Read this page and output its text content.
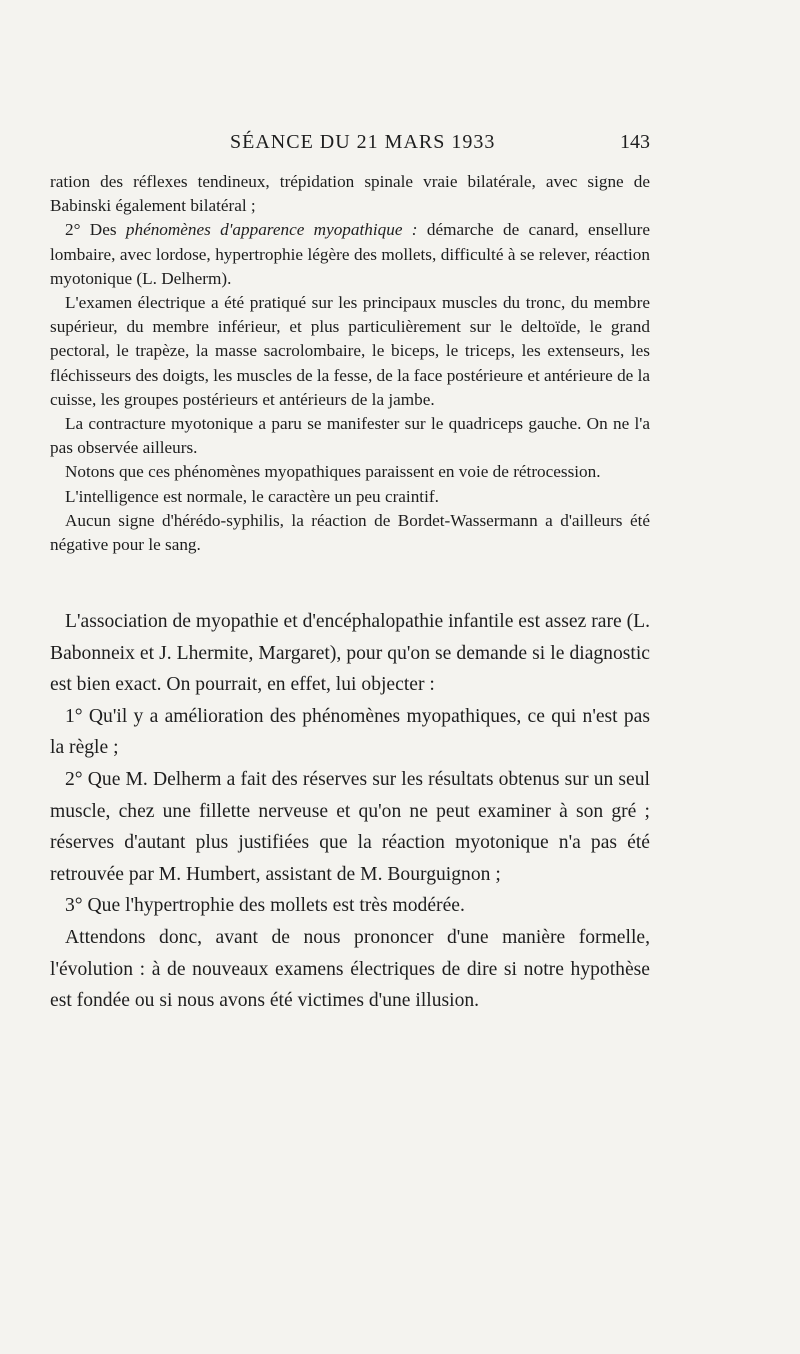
SÉANCE DU 21 MARS 1933	143

ration des réflexes tendineux, trépidation spinale vraie bilatérale, avec signe de Babinski également bilatéral ;

2° Des phénomènes d'apparence myopathique : démarche de canard, ensellure lombaire, avec lordose, hypertrophie légère des mollets, difficulté à se relever, réaction myotonique (L. Delherm).

L'examen électrique a été pratiqué sur les principaux muscles du tronc, du membre supérieur, du membre inférieur, et plus particulièrement sur le deltoïde, le grand pectoral, le trapèze, la masse sacrolombaire, le biceps, le triceps, les extenseurs, les fléchisseurs des doigts, les muscles de la fesse, de la face postérieure et antérieure de la cuisse, les groupes postérieurs et antérieurs de la jambe.

La contracture myotonique a paru se manifester sur le quadriceps gauche. On ne l'a pas observée ailleurs.

Notons que ces phénomènes myopathiques paraissent en voie de rétrocession.

L'intelligence est normale, le caractère un peu craintif.

Aucun signe d'hérédo-syphilis, la réaction de Bordet-Wassermann a d'ailleurs été négative pour le sang.

L'association de myopathie et d'encéphalopathie infantile est assez rare (L. Babonneix et J. Lhermite, Margaret), pour qu'on se demande si le diagnostic est bien exact. On pourrait, en effet, lui objecter :

1° Qu'il y a amélioration des phénomènes myopathiques, ce qui n'est pas la règle ;

2° Que M. Delherm a fait des réserves sur les résultats obtenus sur un seul muscle, chez une fillette nerveuse et qu'on ne peut examiner à son gré ; réserves d'autant plus justifiées que la réaction myotonique n'a pas été retrouvée par M. Humbert, assistant de M. Bourguignon ;

3° Que l'hypertrophie des mollets est très modérée.

Attendons donc, avant de nous prononcer d'une manière formelle, l'évolution : à de nouveaux examens électriques de dire si notre hypothèse est fondée ou si nous avons été victimes d'une illusion.
